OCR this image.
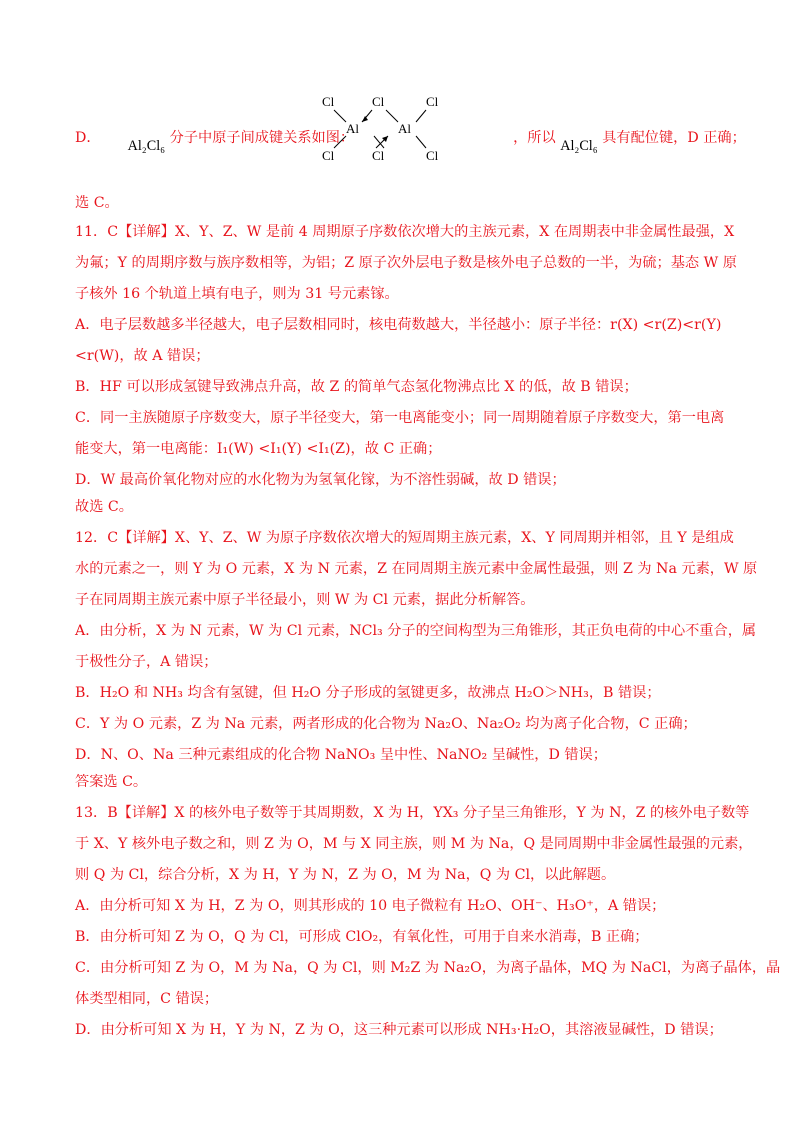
D． Al₂Cl₆ 分子中原子间成键关系如图：	，所以 Al₂Cl₆ 具有配位键，D 正确；
Cl	Cl	Cl
Al	Al
Cl	Cl	Cl
选 C。
11．C【详解】X、Y、Z、W 是前 4 周期原子序数依次增大的主族元素，X 在周期表中非金属性最强，X
为氟；Y 的周期序数与族序数相等，为铝；Z 原子次外层电子数是核外电子总数的一半，为硫；基态 W 原
子核外 16 个轨道上填有电子，则为 31 号元素镓。
A．电子层数越多半径越大，电子层数相同时，核电荷数越大，半径越小：原子半径：r(X) <r(Z)<r(Y)
<r(W)，故 A 错误；
B．HF 可以形成氢键导致沸点升高，故 Z 的简单气态氢化物沸点比 X 的低，故 B 错误；
C．同一主族随原子序数变大，原子半径变大，第一电离能变小；同一周期随着原子序数变大，第一电离
能变大，第一电离能：I₁(W) <I₁(Y) <I₁(Z)，故 C 正确；
D．W 最高价氧化物对应的水化物为为氢氧化镓，为不溶性弱碱，故 D 错误；
故选 C。
12．C【详解】X、Y、Z、W 为原子序数依次增大的短周期主族元素，X、Y 同周期并相邻，且 Y 是组成
水的元素之一，则 Y 为 O 元素，X 为 N 元素，Z 在同周期主族元素中金属性最强，则 Z 为 Na 元素，W 原
子在同周期主族元素中原子半径最小，则 W 为 Cl 元素，据此分析解答。
A．由分析，X 为 N 元素，W 为 Cl 元素，NCl₃ 分子的空间构型为三角锥形，其正负电荷的中心不重合，属
于极性分子，A 错误；
B．H₂O 和 NH₃ 均含有氢键，但 H₂O 分子形成的氢键更多，故沸点 H₂O＞NH₃，B 错误；
C．Y 为 O 元素，Z 为 Na 元素，两者形成的化合物为 Na₂O、Na₂O₂ 均为离子化合物，C 正确；
D．N、O、Na 三种元素组成的化合物 NaNO₃ 呈中性、NaNO₂ 呈碱性，D 错误；
答案选 C。
13．B【详解】X 的核外电子数等于其周期数，X 为 H，YX₃ 分子呈三角锥形，Y 为 N，Z 的核外电子数等
于 X、Y 核外电子数之和，则 Z 为 O，M 与 X 同主族，则 M 为 Na，Q 是同周期中非金属性最强的元素，
则 Q 为 Cl，综合分析，X 为 H，Y 为 N，Z 为 O，M 为 Na，Q 为 Cl，以此解题。
A．由分析可知 X 为 H，Z 为 O，则其形成的 10 电子微粒有 H₂O、OH⁻、H₃O⁺，A 错误；
B．由分析可知 Z 为 O，Q 为 Cl，可形成 ClO₂，有氧化性，可用于自来水消毒，B 正确；
C．由分析可知 Z 为 O，M 为 Na，Q 为 Cl，则 M₂Z 为 Na₂O，为离子晶体，MQ 为 NaCl，为离子晶体，晶
体类型相同，C 错误；
D．由分析可知 X 为 H，Y 为 N，Z 为 O，这三种元素可以形成 NH₃·H₂O，其溶液显碱性，D 错误；
